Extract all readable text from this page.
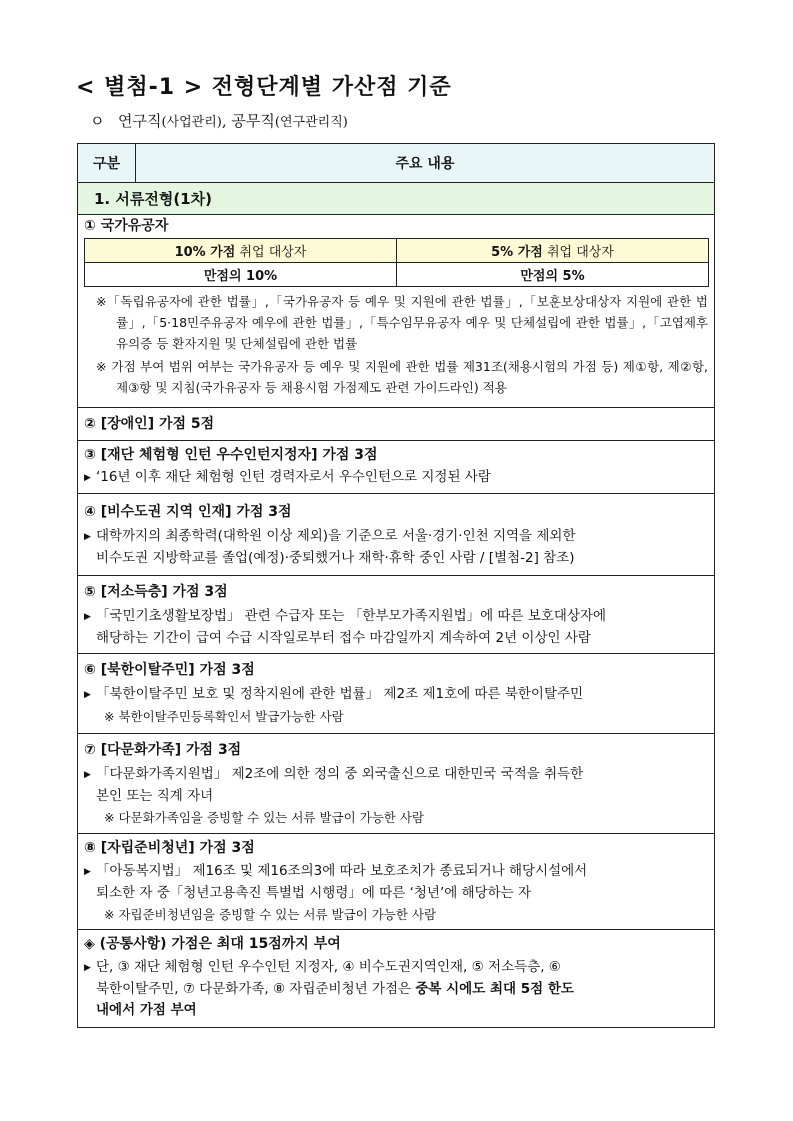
< 별첨-1 > 전형단계별 가산점 기준
ㅇ 연구직(사업관리), 공무직(연구관리직)
구분	주요 내용
1. 서류전형(1차)
① 국가유공자
10% 가점 취업 대상자	5% 가점 취업 대상자
만점의 10%	만점의 5%
※「독립유공자에 관한 법률」,「국가유공자 등 예우 및 지원에 관한 법률」,「보훈보상대상자 지원에 관한 법률」,「5·18민주유공자 예우에 관한 법률」,「특수임무유공자 예우 및 단체설립에 관한 법률」,「고엽제후유의증 등 환자지원 및 단체설립에 관한 법률
※ 가점 부여 범위 여부는 국가유공자 등 예우 및 지원에 관한 법률 제31조(채용시험의 가점 등) 제①항, 제②항, 제③항 및 지침(국가유공자 등 채용시험 가점제도 관련 가이드라인) 적용
② [장애인] 가점 5점
③ [재단 체험형 인턴 우수인턴지정자] 가점 3점
▶ ‘16년 이후 재단 체험형 인턴 경력자로서 우수인턴으로 지정된 사람
④ [비수도권 지역 인재] 가점 3점
▶ 대학까지의 최종학력(대학원 이상 제외)을 기준으로 서울·경기·인천 지역을 제외한
비수도권 지방학교를 졸업(예정)·중퇴했거나 재학·휴학 중인 사람 / [별첨-2] 참조)
⑤ [저소득층] 가점 3점
▶ 「국민기초생활보장법」 관련 수급자 또는 「한부모가족지원법」에 따른 보호대상자에
해당하는 기간이 급여 수급 시작일로부터 접수 마감일까지 계속하여 2년 이상인 사람
⑥ [북한이탈주민] 가점 3점
▶ 「북한이탈주민 보호 및 정착지원에 관한 법률」 제2조 제1호에 따른 북한이탈주민
※ 북한이탈주민등록확인서 발급가능한 사람
⑦ [다문화가족] 가점 3점
▶ 「다문화가족지원법」 제2조에 의한 정의 중 외국출신으로 대한민국 국적을 취득한
본인 또는 직계 자녀
※ 다문화가족임을 증빙할 수 있는 서류 발급이 가능한 사람
⑧ [자립준비청년] 가점 3점
▶ 「아동복지법」 제16조 및 제16조의3에 따라 보호조치가 종료되거나 해당시설에서
퇴소한 자 중「청년고용촉진 특별법 시행령」에 따른 ‘청년’에 해당하는 자
※ 자립준비청년임을 증빙할 수 있는 서류 발급이 가능한 사람
◈ (공통사항) 가점은 최대 15점까지 부여
▶ 단, ③ 재단 체험형 인턴 우수인턴 지정자, ④ 비수도권지역인재, ⑤ 저소득층, ⑥
북한이탈주민, ⑦ 다문화가족, ⑧ 자립준비청년 가점은 중복 시에도 최대 5점 한도
내에서 가점 부여
